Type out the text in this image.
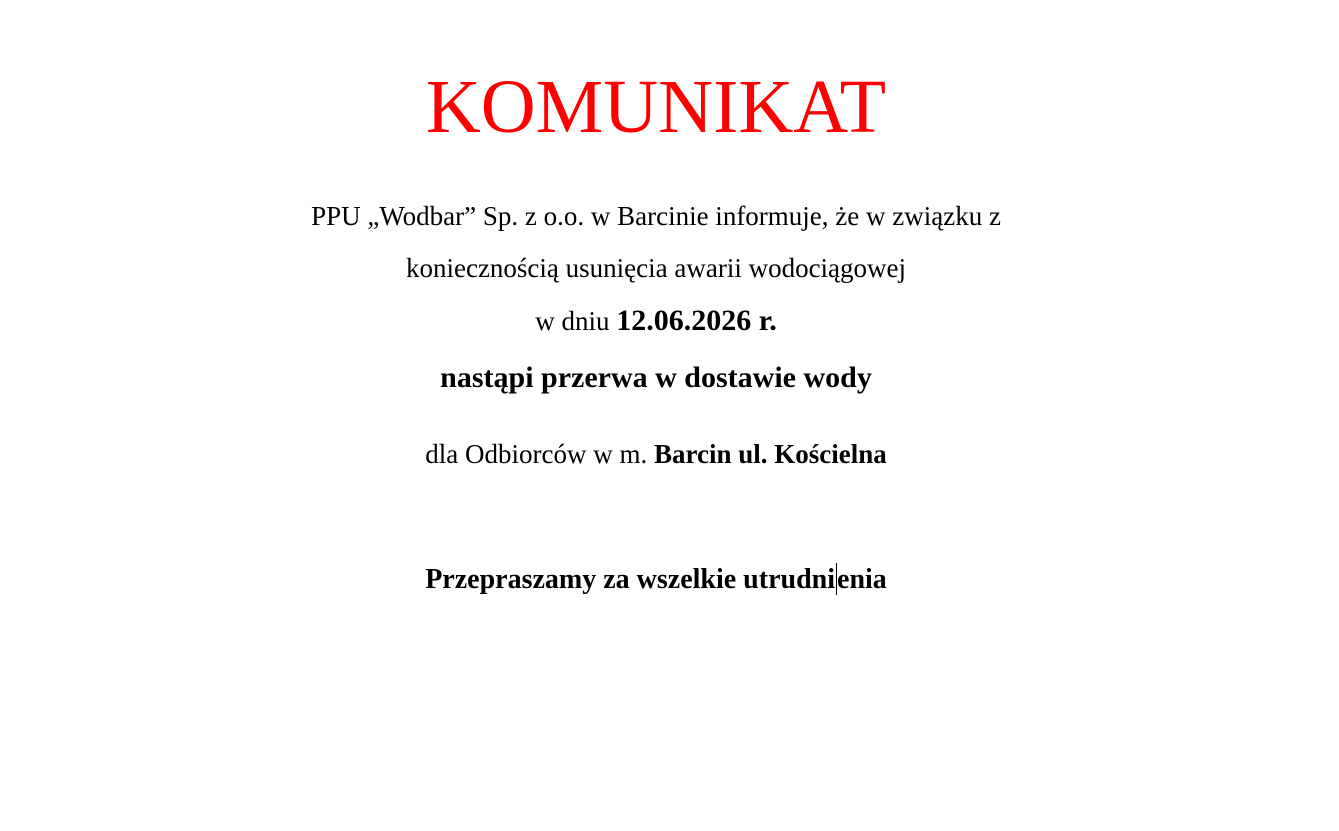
KOMUNIKAT
PPU „Wodbar” Sp. z o.o. w Barcinie informuje, że w związku z
koniecznością usunięcia awarii wodociągowej
w dniu 12.06.2026 r.
nastąpi przerwa w dostawie wody
dla Odbiorców w m. Barcin ul. Kościelna
Przepraszamy za wszelkie utrudnienia
